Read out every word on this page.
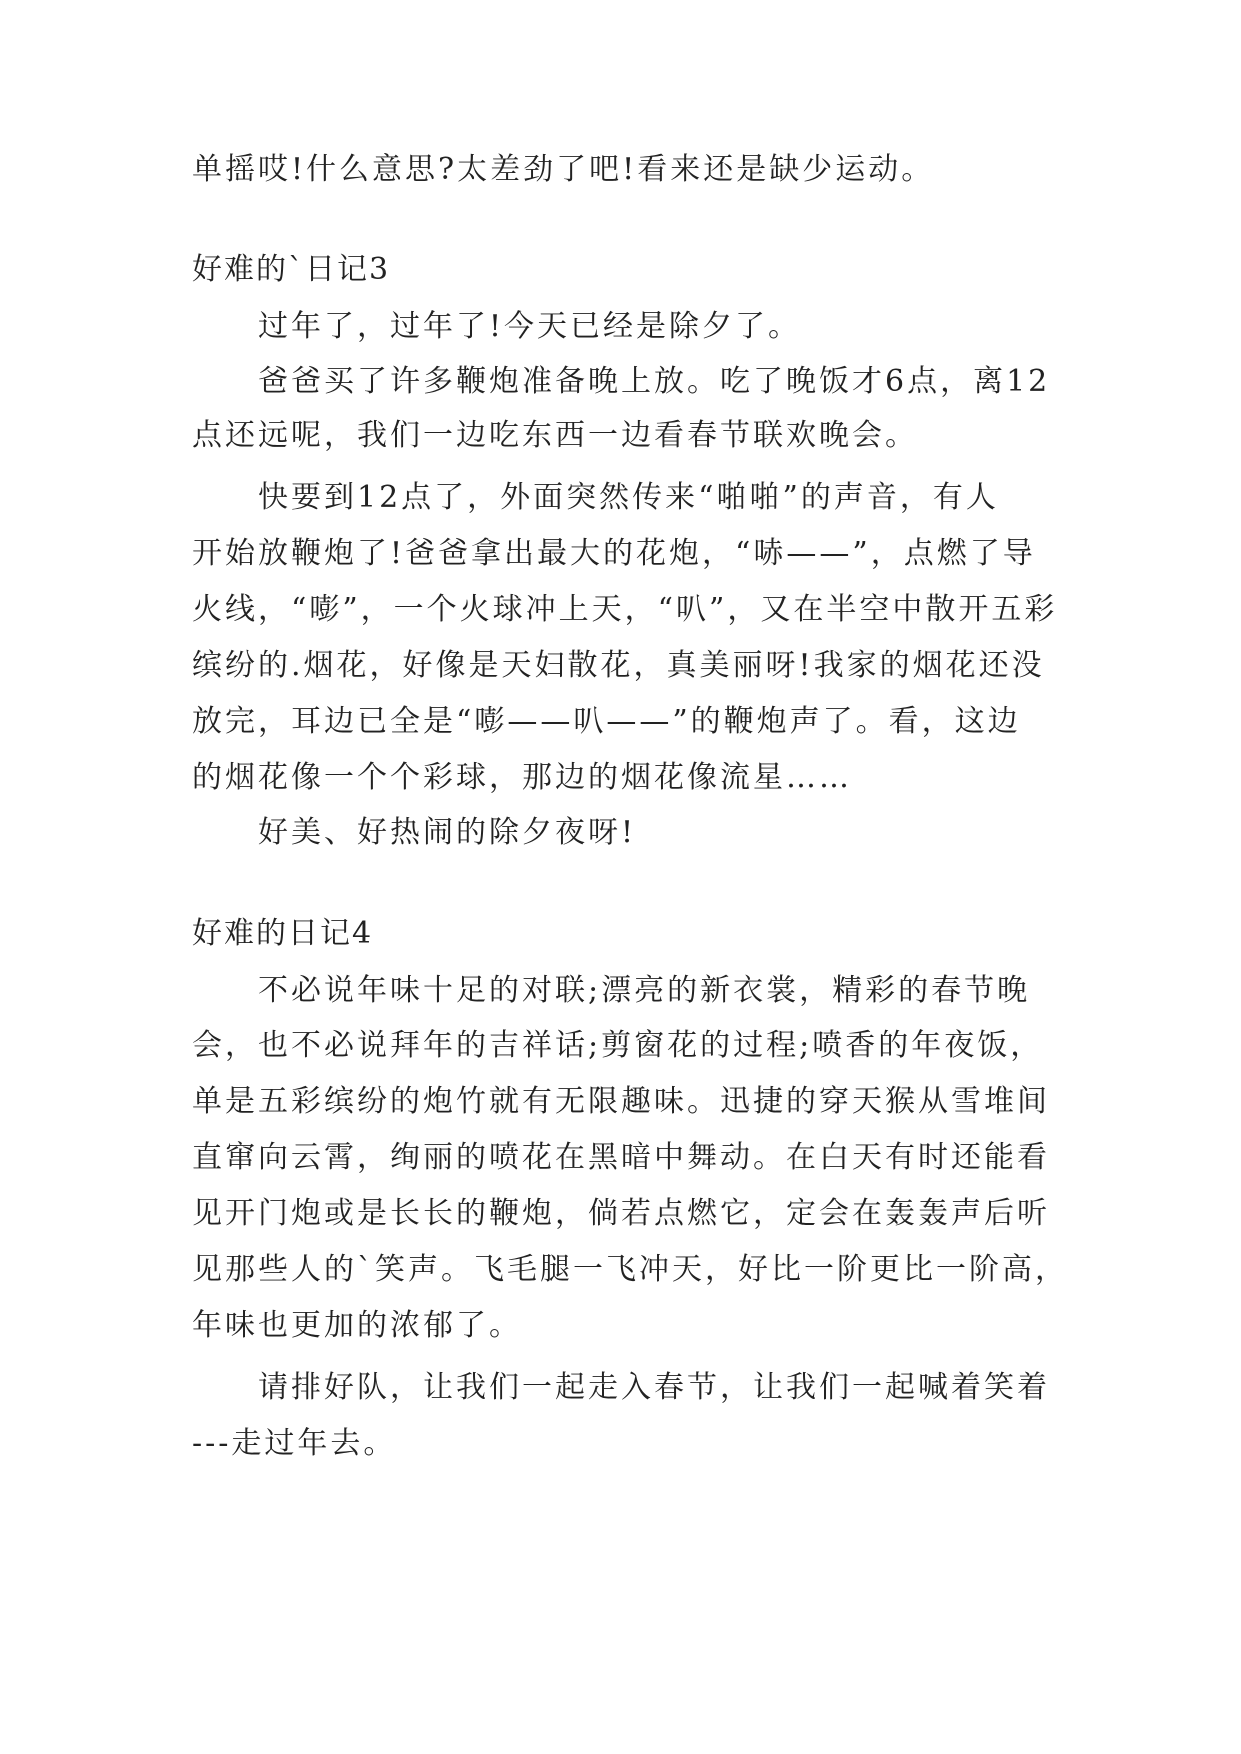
单摇哎!什么意思?太差劲了吧!看来还是缺少运动。
好难的`日记3
过年了，过年了!今天已经是除夕了。
爸爸买了许多鞭炮准备晚上放。吃了晚饭才6点，离12
点还远呢，我们一边吃东西一边看春节联欢晚会。
快要到12点了，外面突然传来“啪啪”的声音，有人
开始放鞭炮了!爸爸拿出最大的花炮，“哧——”，点燃了导
火线，“嘭”，一个火球冲上天，“叭”，又在半空中散开五彩
缤纷的.烟花，好像是天妇散花，真美丽呀!我家的烟花还没
放完，耳边已全是“嘭——叭——”的鞭炮声了。看，这边
的烟花像一个个彩球，那边的烟花像流星……
好美、好热闹的除夕夜呀!
好难的日记4
不必说年味十足的对联;漂亮的新衣裳，精彩的春节晚
会，也不必说拜年的吉祥话;剪窗花的过程;喷香的年夜饭，
单是五彩缤纷的炮竹就有无限趣味。迅捷的穿天猴从雪堆间
直窜向云霄，绚丽的喷花在黑暗中舞动。在白天有时还能看
见开门炮或是长长的鞭炮，倘若点燃它，定会在轰轰声后听
见那些人的`笑声。飞毛腿一飞冲天，好比一阶更比一阶高，
年味也更加的浓郁了。
请排好队，让我们一起走入春节，让我们一起喊着笑着
---走过年去。
